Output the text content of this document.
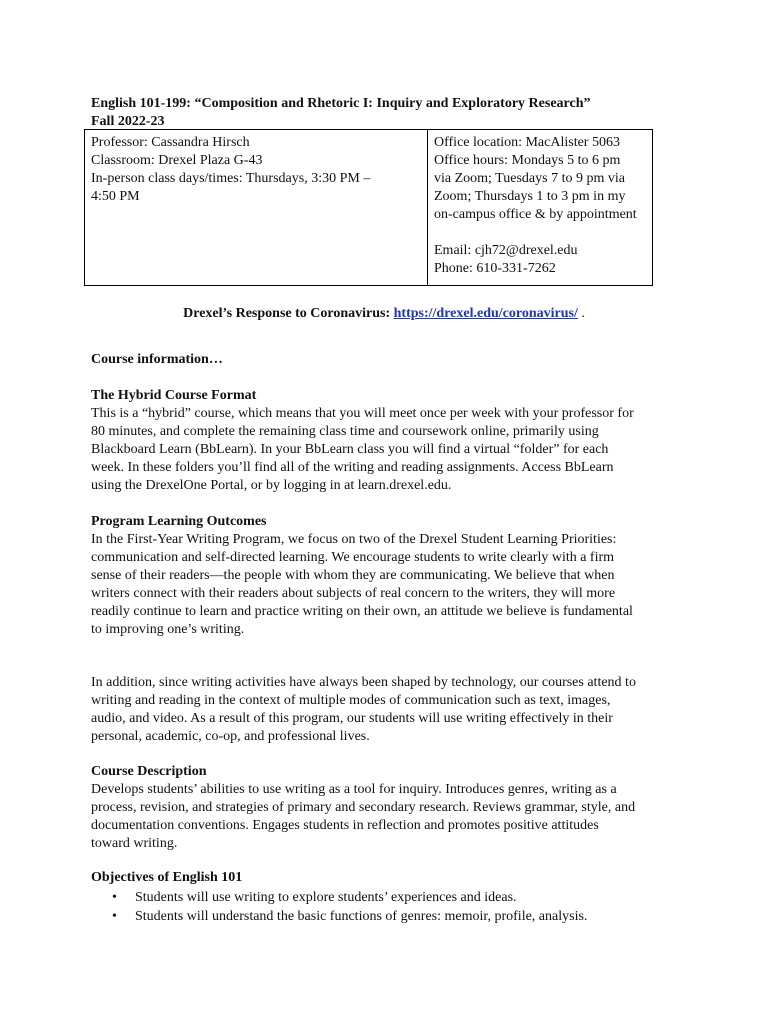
English 101-199: “Composition and Rhetoric I: Inquiry and Exploratory Research”
Fall 2022-23
Professor: Cassandra Hirsch
Classroom: Drexel Plaza G-43
In-person class days/times: Thursdays, 3:30 PM –
4:50 PM

Office location: MacAlister 5063
Office hours: Mondays 5 to 6 pm
via Zoom; Tuesdays 7 to 9 pm via
Zoom; Thursdays 1 to 3 pm in my
on-campus office & by appointment
Email: cjh72@drexel.edu
Phone: 610-331-7262
Drexel’s Response to Coronavirus: https://drexel.edu/coronavirus/ .
Course information…
The Hybrid Course Format
This is a “hybrid” course, which means that you will meet once per week with your professor for
80 minutes, and complete the remaining class time and coursework online, primarily using
Blackboard Learn (BbLearn). In your BbLearn class you will find a virtual “folder” for each
week. In these folders you’ll find all of the writing and reading assignments. Access BbLearn
using the DrexelOne Portal, or by logging in at learn.drexel.edu.
Program Learning Outcomes
In the First-Year Writing Program, we focus on two of the Drexel Student Learning Priorities:
communication and self-directed learning. We encourage students to write clearly with a firm
sense of their readers—the people with whom they are communicating. We believe that when
writers connect with their readers about subjects of real concern to the writers, they will more
readily continue to learn and practice writing on their own, an attitude we believe is fundamental
to improving one’s writing.
In addition, since writing activities have always been shaped by technology, our courses attend to
writing and reading in the context of multiple modes of communication such as text, images,
audio, and video. As a result of this program, our students will use writing effectively in their
personal, academic, co-op, and professional lives.
Course Description
Develops students’ abilities to use writing as a tool for inquiry. Introduces genres, writing as a
process, revision, and strategies of primary and secondary research. Reviews grammar, style, and
documentation conventions. Engages students in reflection and promotes positive attitudes
toward writing.
Objectives of English 101
• Students will use writing to explore students’ experiences and ideas.
• Students will understand the basic functions of genres: memoir, profile, analysis.
